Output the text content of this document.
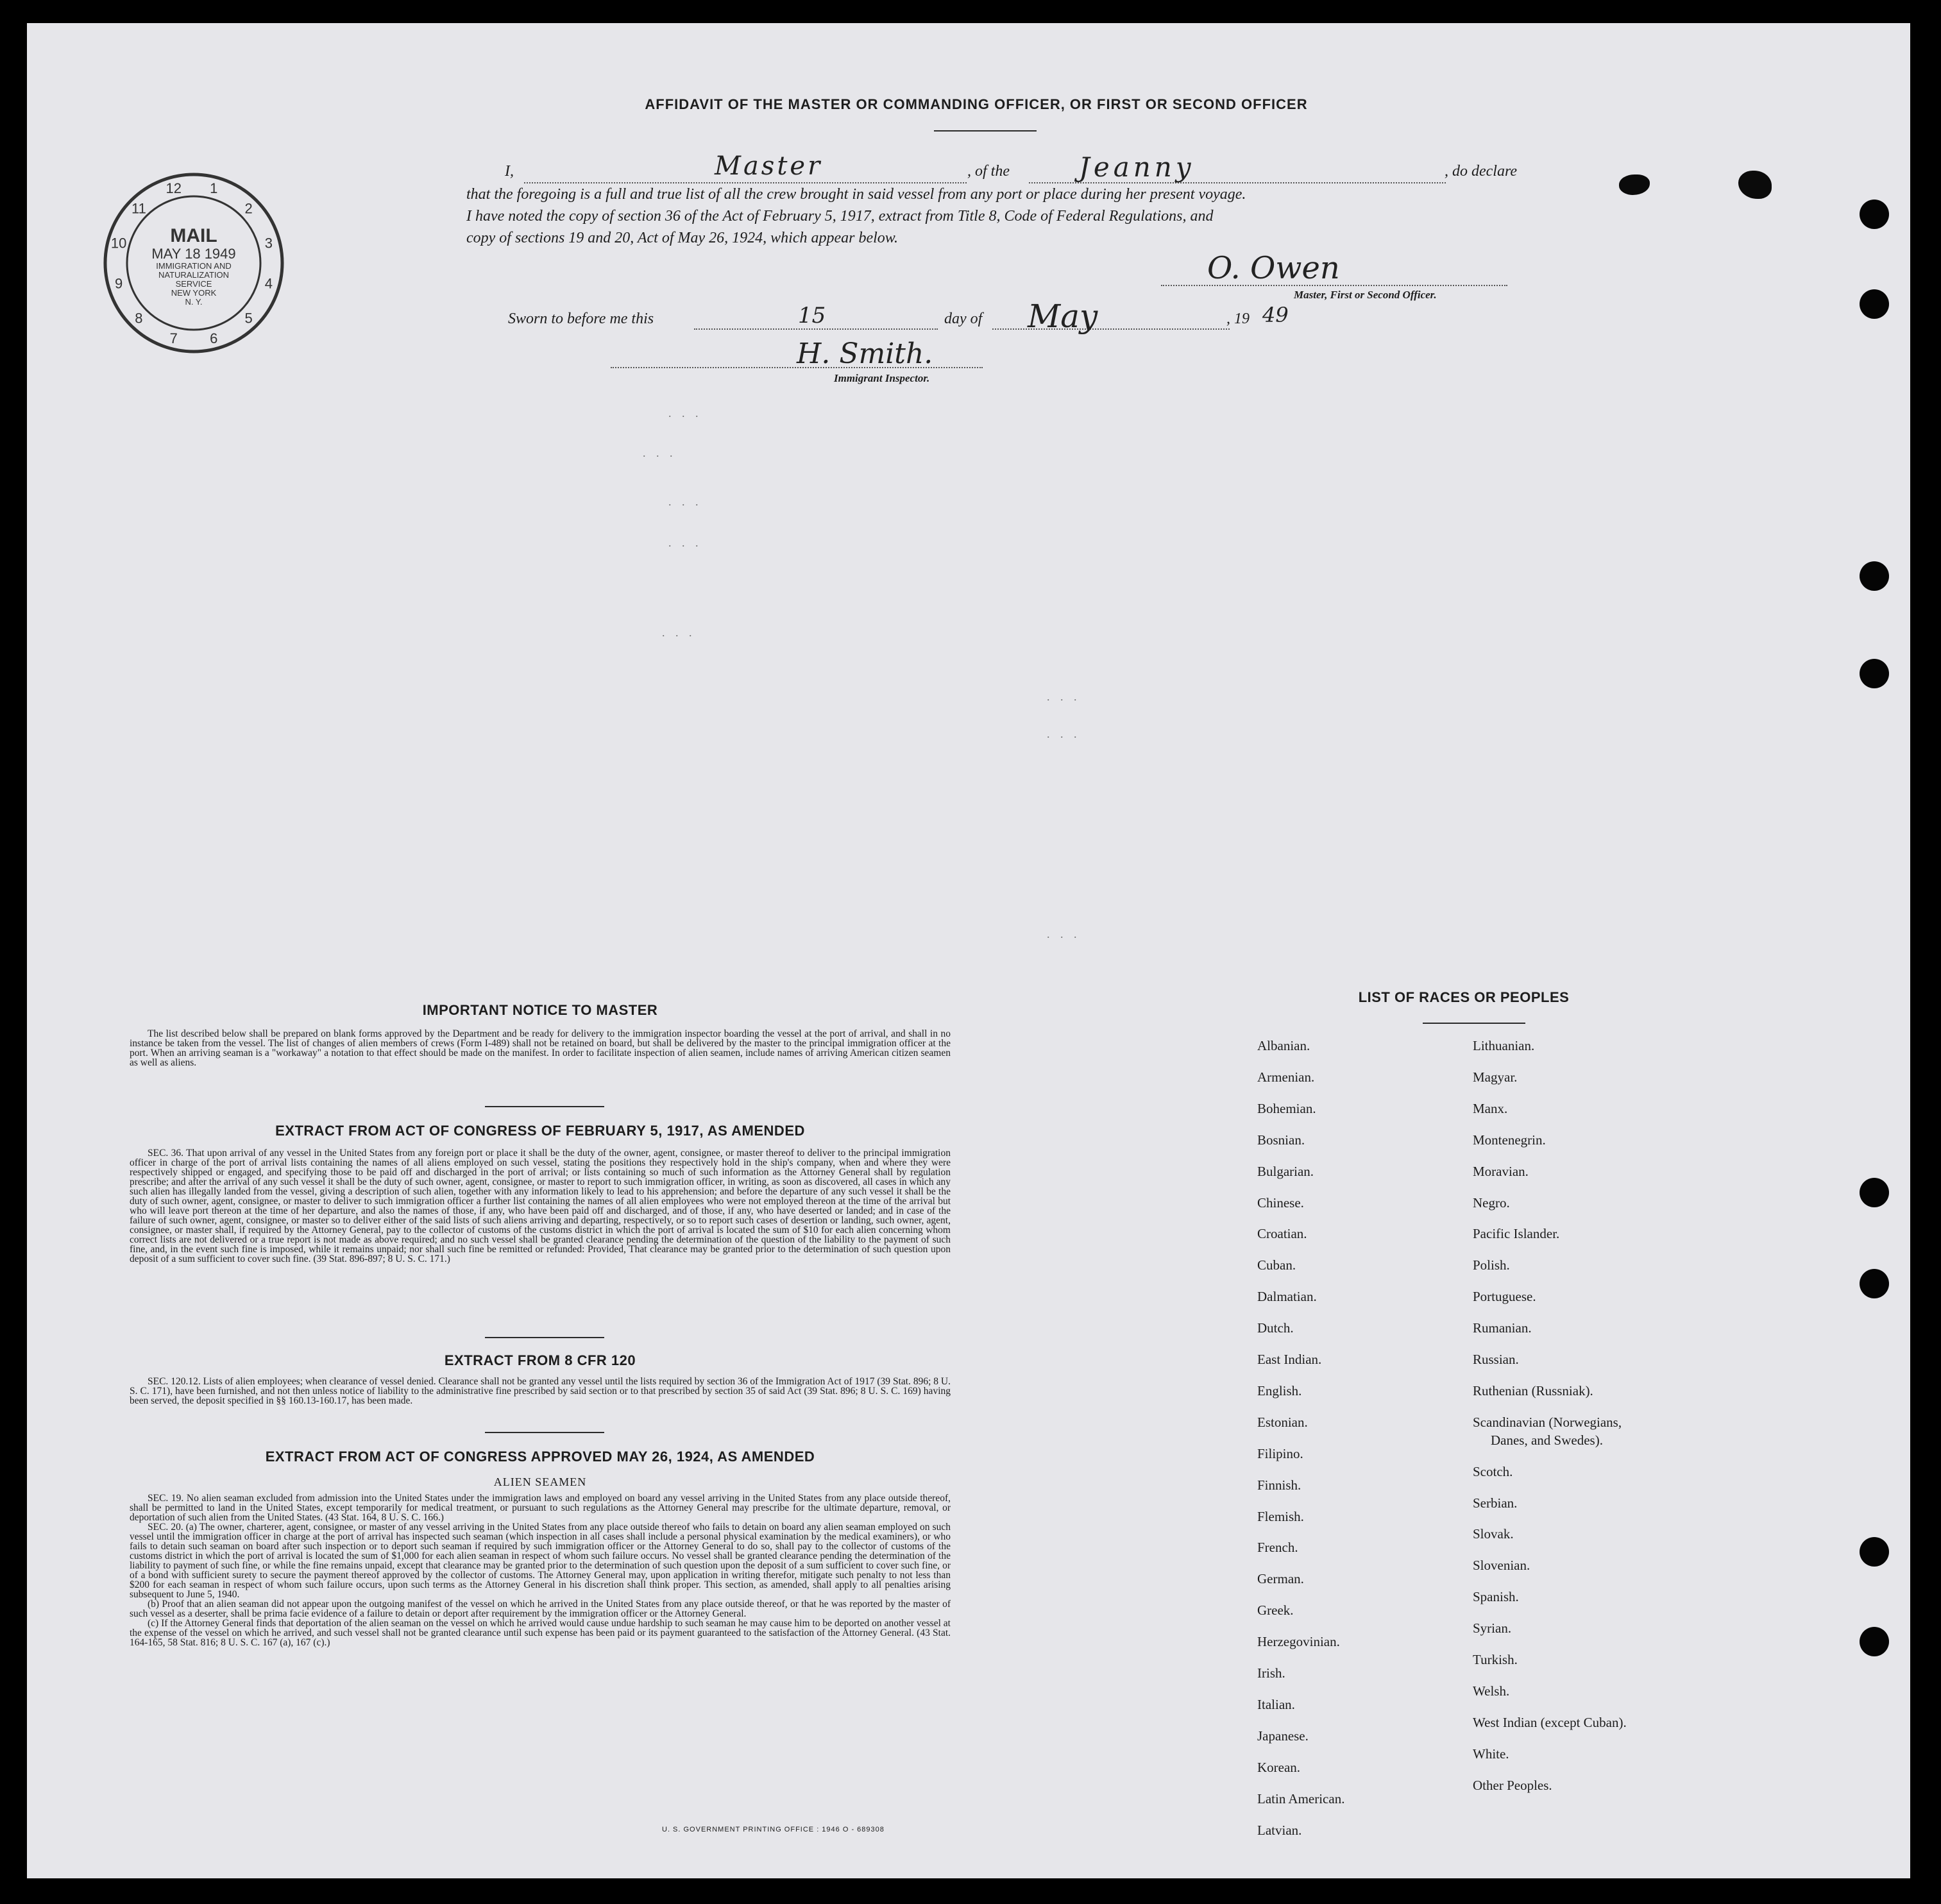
AFFIDAVIT OF THE MASTER OR COMMANDING OFFICER, OR FIRST OR SECOND OFFICER
1
2
3
4
5
6
7
8
9
10
11
12
MAIL
MAY 18 1949
IMMIGRATION AND
NATURALIZATION
SERVICE
NEW YORK
N. Y.
I,	Master	, of the	Jeanny	, do declare
that the foregoing is a full and true list of all the crew brought in said vessel from any port or place during her present voyage.
I have noted the copy of section 36 of the Act of February 5, 1917, extract from Title 8, Code of Federal Regulations, and
copy of sections 19 and 20, Act of May 26, 1924, which appear below.
O. Owen
Master, First or Second Officer.
Sworn to before me this	15	day of May	, 19 49
H. Smith.
Immigrant Inspector.
. . .
. . .
. . .
. . .
. . .
. . .
. . .
. . .
IMPORTANT NOTICE TO MASTER
The list described below shall be prepared on blank forms approved by the Department and be ready for delivery to the immigration inspector boarding the vessel at the port of arrival, and shall in no instance be taken from the vessel. The list of changes of alien members of crews (Form I-489) shall not be retained on board, but shall be delivered by the master to the principal immigration officer at the port. When an arriving seaman is a "workaway" a notation to that effect should be made on the manifest. In order to facilitate inspection of alien seamen, include names of arriving American citizen seamen as well as aliens.
EXTRACT FROM ACT OF CONGRESS OF FEBRUARY 5, 1917, AS AMENDED
SEC. 36. That upon arrival of any vessel in the United States from any foreign port or place it shall be the duty of the owner, agent, consignee, or master thereof to deliver to the principal immigration officer in charge of the port of arrival lists containing the names of all aliens employed on such vessel, stating the positions they respectively hold in the ship's company, when and where they were respectively shipped or engaged, and specifying those to be paid off and discharged in the port of arrival; or lists containing so much of such information as the Attorney General shall by regulation prescribe; and after the arrival of any such vessel it shall be the duty of such owner, agent, consignee, or master to report to such immigration officer, in writing, as soon as discovered, all cases in which any such alien has illegally landed from the vessel, giving a description of such alien, together with any information likely to lead to his apprehension; and before the departure of any such vessel it shall be the duty of such owner, agent, consignee, or master to deliver to such immigration officer a further list containing the names of all alien employees who were not employed thereon at the time of the arrival but who will leave port thereon at the time of her departure, and also the names of those, if any, who have been paid off and discharged, and of those, if any, who have deserted or landed; and in case of the failure of such owner, agent, consignee, or master so to deliver either of the said lists of such aliens arriving and departing, respectively, or so to report such cases of desertion or landing, such owner, agent, consignee, or master shall, if required by the Attorney General, pay to the collector of customs of the customs district in which the port of arrival is located the sum of $10 for each alien concerning whom correct lists are not delivered or a true report is not made as above required; and no such vessel shall be granted clearance pending the determination of the question of the liability to the payment of such fine, and, in the event such fine is imposed, while it remains unpaid; nor shall such fine be remitted or refunded: Provided, That clearance may be granted prior to the determination of such question upon deposit of a sum sufficient to cover such fine. (39 Stat. 896-897; 8 U. S. C. 171.)
EXTRACT FROM 8 CFR 120
SEC. 120.12. Lists of alien employees; when clearance of vessel denied. Clearance shall not be granted any vessel until the lists required by section 36 of the Immigration Act of 1917 (39 Stat. 896; 8 U. S. C. 171), have been furnished, and not then unless notice of liability to the administrative fine prescribed by said section or to that prescribed by section 35 of said Act (39 Stat. 896; 8 U. S. C. 169) having been served, the deposit specified in §§ 160.13-160.17, has been made.
EXTRACT FROM ACT OF CONGRESS APPROVED MAY 26, 1924, AS AMENDED
ALIEN SEAMEN
SEC. 19. No alien seaman excluded from admission into the United States under the immigration laws and employed on board any vessel arriving in the United States from any place outside thereof, shall be permitted to land in the United States, except temporarily for medical treatment, or pursuant to such regulations as the Attorney General may prescribe for the ultimate departure, removal, or deportation of such alien from the United States. (43 Stat. 164, 8 U. S. C. 166.)
SEC. 20. (a) The owner, charterer, agent, consignee, or master of any vessel arriving in the United States from any place outside thereof who fails to detain on board any alien seaman employed on such vessel until the immigration officer in charge at the port of arrival has inspected such seaman (which inspection in all cases shall include a personal physical examination by the medical examiners), or who fails to detain such seaman on board after such inspection or to deport such seaman if required by such immigration officer or the Attorney General to do so, shall pay to the collector of customs of the customs district in which the port of arrival is located the sum of $1,000 for each alien seaman in respect of whom such failure occurs. No vessel shall be granted clearance pending the determination of the liability to payment of such fine, or while the fine remains unpaid, except that clearance may be granted prior to the determination of such question upon the deposit of a sum sufficient to cover such fine, or of a bond with sufficient surety to secure the payment thereof approved by the collector of customs. The Attorney General may, upon application in writing therefor, mitigate such penalty to not less than $200 for each seaman in respect of whom such failure occurs, upon such terms as the Attorney General in his discretion shall think proper. This section, as amended, shall apply to all penalties arising subsequent to June 5, 1940.
(b) Proof that an alien seaman did not appear upon the outgoing manifest of the vessel on which he arrived in the United States from any place outside thereof, or that he was reported by the master of such vessel as a deserter, shall be prima facie evidence of a failure to detain or deport after requirement by the immigration officer or the Attorney General.
(c) If the Attorney General finds that deportation of the alien seaman on the vessel on which he arrived would cause undue hardship to such seaman he may cause him to be deported on another vessel at the expense of the vessel on which he arrived, and such vessel shall not be granted clearance until such expense has been paid or its payment guaranteed to the satisfaction of the Attorney General. (43 Stat. 164-165, 58 Stat. 816; 8 U. S. C. 167 (a), 167 (c).)
U. S. GOVERNMENT PRINTING OFFICE : 1946 O - 689308
LIST OF RACES OR PEOPLES
Albanian.
Armenian.
Bohemian.
Bosnian.
Bulgarian.
Chinese.
Croatian.
Cuban.
Dalmatian.
Dutch.
East Indian.
English.
Estonian.
Filipino.
Finnish.
Flemish.
French.
German.
Greek.
Herzegovinian.
Irish.
Italian.
Japanese.
Korean.
Latin American.
Latvian.
Lithuanian.
Magyar.
Manx.
Montenegrin.
Moravian.
Negro.
Pacific Islander.
Polish.
Portuguese.
Rumanian.
Russian.
Ruthenian (Russniak).
Scandinavian (Norwegians,
Danes, and Swedes).
Scotch.
Serbian.
Slovak.
Slovenian.
Spanish.
Syrian.
Turkish.
Welsh.
West Indian (except Cuban).
White.
Other Peoples.
